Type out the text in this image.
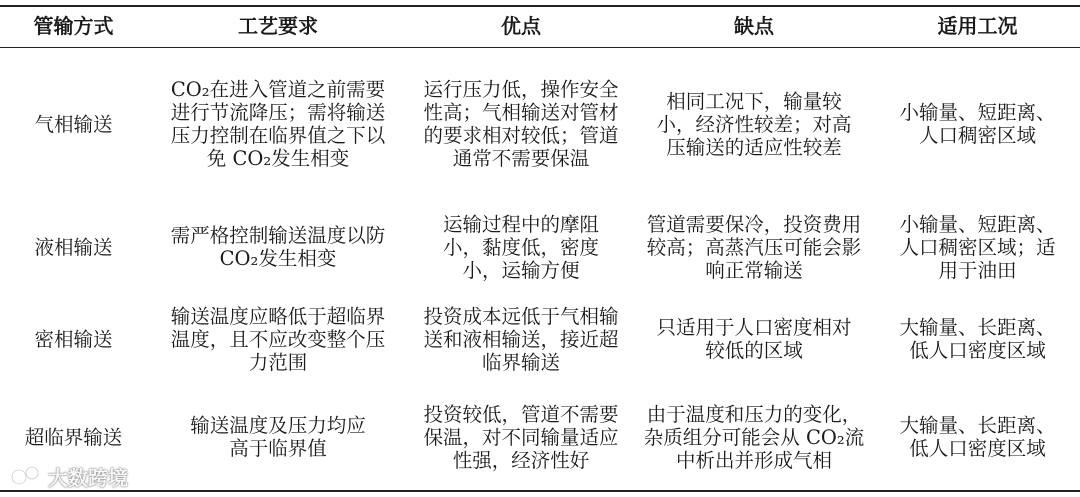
管输方式	工艺要求	优点	缺点	适用工况
气相输送	CO₂在进入管道之前需要进行节流降压；需将输送压力控制在临界值之下以免 CO₂发生相变	运行压力低，操作安全性高；气相输送对管材的要求相对较低；管道通常不需要保温	相同工况下，输量较小，经济性较差；对高压输送的适应性较差	小输量、短距离、人口稠密区域
液相输送	需严格控制输送温度以防 CO₂发生相变	运输过程中的摩阻小，黏度低，密度小，运输方便	管道需要保冷，投资费用较高；高蒸汽压可能会影响正常输送	小输量、短距离、人口稠密区域；适用于油田
密相输送	输送温度应略低于超临界温度，且不应改变整个压力范围	投资成本远低于气相输送和液相输送，接近超临界输送	只适用于人口密度相对较低的区域	大输量、长距离、低人口密度区域
超临界输送	输送温度及压力均应高于临界值	投资较低，管道不需要保温，对不同输量适应性强，经济性好	由于温度和压力的变化，杂质组分可能会从 CO₂流中析出并形成气相	大输量、长距离、低人口密度区域
大数跨境
